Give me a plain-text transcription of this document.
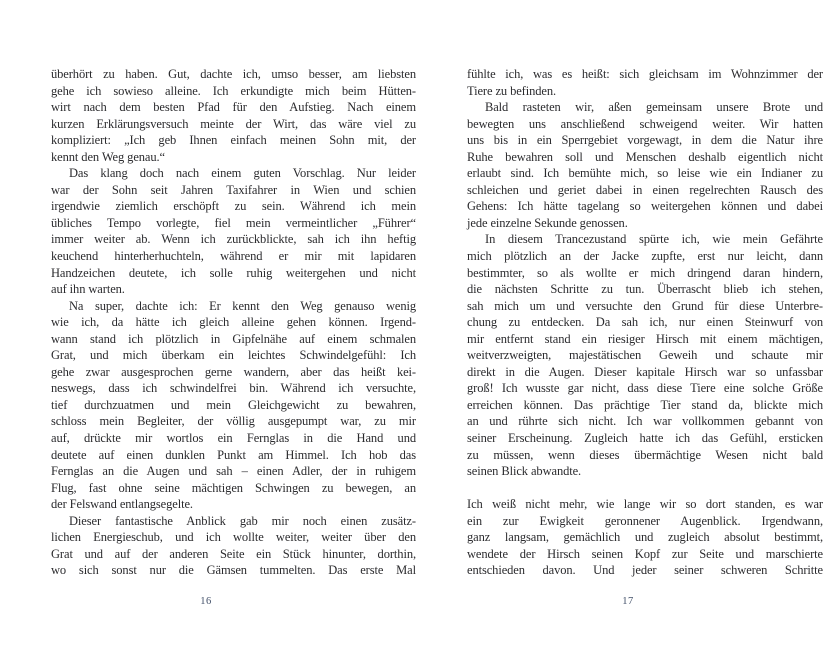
überhört zu haben. Gut, dachte ich, umso besser, am liebsten
gehe ich sowieso alleine. Ich erkundigte mich beim Hütten-
wirt nach dem besten Pfad für den Aufstieg. Nach einem
kurzen Erklärungsversuch meinte der Wirt, das wäre viel zu
kompliziert: „Ich geb Ihnen einfach meinen Sohn mit, der
kennt den Weg genau.“
Das klang doch nach einem guten Vorschlag. Nur leider
war der Sohn seit Jahren Taxifahrer in Wien und schien
irgendwie ziemlich erschöpft zu sein. Während ich mein
übliches Tempo vorlegte, fiel mein vermeintlicher „Führer“
immer weiter ab. Wenn ich zurückblickte, sah ich ihn heftig
keuchend hinterherhuchteln, während er mir mit lapidaren
Handzeichen deutete, ich solle ruhig weitergehen und nicht
auf ihn warten.
Na super, dachte ich: Er kennt den Weg genauso wenig
wie ich, da hätte ich gleich alleine gehen können. Irgend-
wann stand ich plötzlich in Gipfelnähe auf einem schmalen
Grat, und mich überkam ein leichtes Schwindelgefühl: Ich
gehe zwar ausgesprochen gerne wandern, aber das heißt kei-
neswegs, dass ich schwindelfrei bin. Während ich versuchte,
tief durchzuatmen und mein Gleichgewicht zu bewahren,
schloss mein Begleiter, der völlig ausgepumpt war, zu mir
auf, drückte mir wortlos ein Fernglas in die Hand und
deutete auf einen dunklen Punkt am Himmel. Ich hob das
Fernglas an die Augen und sah – einen Adler, der in ruhigem
Flug, fast ohne seine mächtigen Schwingen zu bewegen, an
der Felswand entlangsegelte.
Dieser fantastische Anblick gab mir noch einen zusätz-
lichen Energieschub, und ich wollte weiter, weiter über den
Grat und auf der anderen Seite ein Stück hinunter, dorthin,
wo sich sonst nur die Gämsen tummelten. Das erste Mal
fühlte ich, was es heißt: sich gleichsam im Wohnzimmer der
Tiere zu befinden.
Bald rasteten wir, aßen gemeinsam unsere Brote und
bewegten uns anschließend schweigend weiter. Wir hatten
uns bis in ein Sperrgebiet vorgewagt, in dem die Natur ihre
Ruhe bewahren soll und Menschen deshalb eigentlich nicht
erlaubt sind. Ich bemühte mich, so leise wie ein Indianer zu
schleichen und geriet dabei in einen regelrechten Rausch des
Gehens: Ich hätte tagelang so weitergehen können und dabei
jede einzelne Sekunde genossen.
In diesem Trancezustand spürte ich, wie mein Gefährte
mich plötzlich an der Jacke zupfte, erst nur leicht, dann
bestimmter, so als wollte er mich dringend daran hindern,
die nächsten Schritte zu tun. Überrascht blieb ich stehen,
sah mich um und versuchte den Grund für diese Unterbre-
chung zu entdecken. Da sah ich, nur einen Steinwurf von
mir entfernt stand ein riesiger Hirsch mit einem mächtigen,
weitverzweigten, majestätischen Geweih und schaute mir
direkt in die Augen. Dieser kapitale Hirsch war so unfassbar
groß! Ich wusste gar nicht, dass diese Tiere eine solche Größe
erreichen können. Das prächtige Tier stand da, blickte mich
an und rührte sich nicht. Ich war vollkommen gebannt von
seiner Erscheinung. Zugleich hatte ich das Gefühl, ersticken
zu müssen, wenn dieses übermächtige Wesen nicht bald
seinen Blick abwandte.
Ich weiß nicht mehr, wie lange wir so dort standen, es war
ein zur Ewigkeit geronnener Augenblick. Irgendwann,
ganz langsam, gemächlich und zugleich absolut bestimmt,
wendete der Hirsch seinen Kopf zur Seite und marschierte
entschieden davon. Und jeder seiner schweren Schritte
16	17
